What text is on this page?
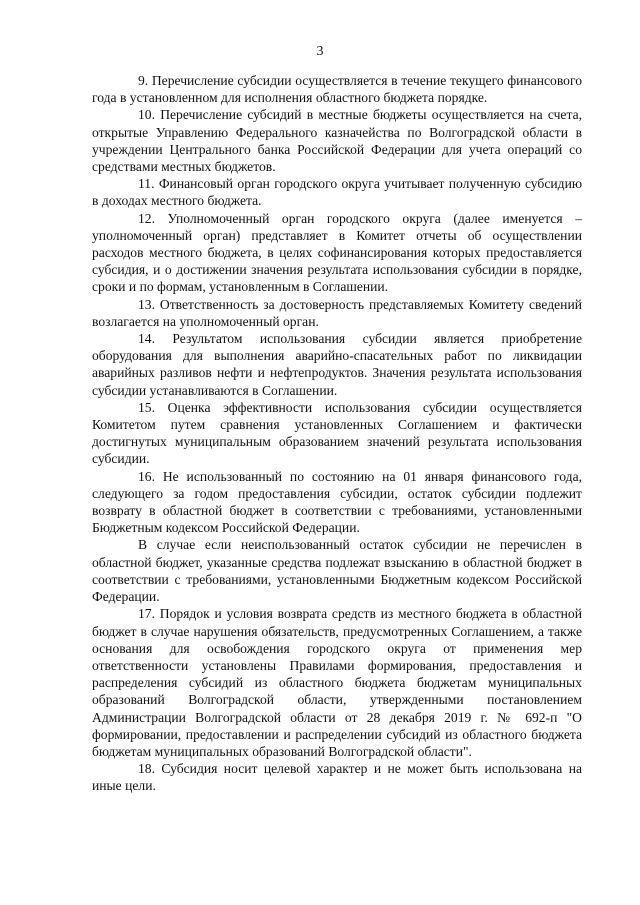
3

9. Перечисление субсидии осуществляется в течение текущего финансового года в установленном для исполнения областного бюджета порядке.

10. Перечисление субсидий в местные бюджеты осуществляется на счета, открытые Управлению Федерального казначейства по Волгоградской области в учреждении Центрального банка Российской Федерации для учета операций со средствами местных бюджетов.

11. Финансовый орган городского округа учитывает полученную субсидию в доходах местного бюджета.

12. Уполномоченный орган городского округа (далее именуется – уполномоченный орган) представляет в Комитет отчеты об осуществлении расходов местного бюджета, в целях софинансирования которых предоставляется субсидия, и о достижении значения результата использования субсидии в порядке, сроки и по формам, установленным в Соглашении.

13. Ответственность за достоверность представляемых Комитету сведений возлагается на уполномоченный орган.

14. Результатом использования субсидии является приобретение оборудования для выполнения аварийно-спасательных работ по ликвидации аварийных разливов нефти и нефтепродуктов. Значения результата использования субсидии устанавливаются в Соглашении.

15. Оценка эффективности использования субсидии осуществляется Комитетом путем сравнения установленных Соглашением и фактически достигнутых муниципальным образованием значений результата использования субсидии.

16. Не использованный по состоянию на 01 января финансового года, следующего за годом предоставления субсидии, остаток субсидии подлежит возврату в областной бюджет в соответствии с требованиями, установленными Бюджетным кодексом Российской Федерации.

В случае если неиспользованный остаток субсидии не перечислен в областной бюджет, указанные средства подлежат взысканию в областной бюджет в соответствии с требованиями, установленными Бюджетным кодексом Российской Федерации.

17. Порядок и условия возврата средств из местного бюджета в областной бюджет в случае нарушения обязательств, предусмотренных Соглашением, а также основания для освобождения городского округа от применения мер ответственности установлены Правилами формирования, предоставления и распределения субсидий из областного бюджета бюджетам муниципальных образований Волгоградской области, утвержденными постановлением Администрации Волгоградской области от 28 декабря 2019 г. № 692-п "О формировании, предоставлении и распределении субсидий из областного бюджета бюджетам муниципальных образований Волгоградской области".

18. Субсидия носит целевой характер и не может быть использована на иные цели.
